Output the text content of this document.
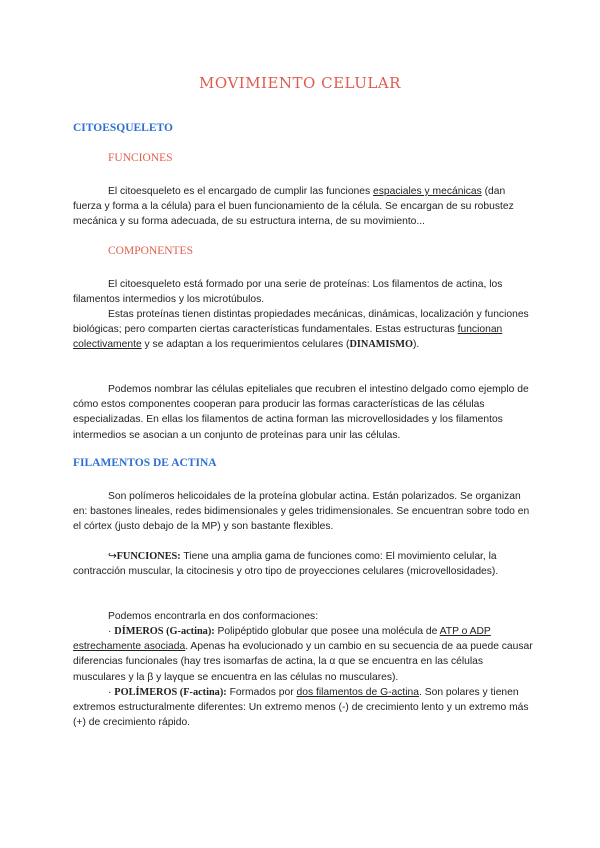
MOVIMIENTO CELULAR
CITOESQUELETO
FUNCIONES

El citoesqueleto es el encargado de cumplir las funciones espaciales y mecánicas (dan fuerza y forma a la célula) para el buen funcionamiento de la célula. Se encargan de su robustez mecánica y su forma adecuada, de su estructura interna, de su movimiento...

COMPONENTES

El citoesqueleto está formado por una serie de proteínas: Los filamentos de actina, los filamentos intermedios y los microtúbulos.

Estas proteínas tienen distintas propiedades mecánicas, dinámicas, localización y funciones biológicas; pero comparten ciertas características fundamentales. Estas estructuras funcionan colectivamente y se adaptan a los requerimientos celulares (DINAMISMO).

Podemos nombrar las células epiteliales que recubren el intestino delgado como ejemplo de cómo estos componentes cooperan para producir las formas características de las células especializadas. En ellas los filamentos de actina forman las microvellosidades y los filamentos intermedios se asocian a un conjunto de proteínas para unir las células.

FILAMENTOS DE ACTINA

Son polímeros helicoidales de la proteína globular actina. Están polarizados. Se organizan en: bastones lineales, redes bidimensionales y geles tridimensionales. Se encuentran sobre todo en el córtex (justo debajo de la MP) y son bastante flexibles.

↪FUNCIONES: Tiene una amplia gama de funciones como: El movimiento celular, la contracción muscular, la citocinesis y otro tipo de proyecciones celulares (microvellosidades).

Podemos encontrarla en dos conformaciones:

· DÍMEROS (G-actina): Polipéptido globular que posee una molécula de ATP o ADP estrechamente asociada. Apenas ha evolucionado y un cambio en su secuencia de aa puede causar diferencias funcionales (hay tres isomarfas de actina, la α que se encuentra en las células musculares y la β y laγque se encuentra en las células no musculares).

· POLÍMEROS (F-actina): Formados por dos filamentos de G-actina. Son polares y tienen extremos estructuralmente diferentes: Un extremo menos (-) de crecimiento lento y un extremo más (+) de crecimiento rápido.
